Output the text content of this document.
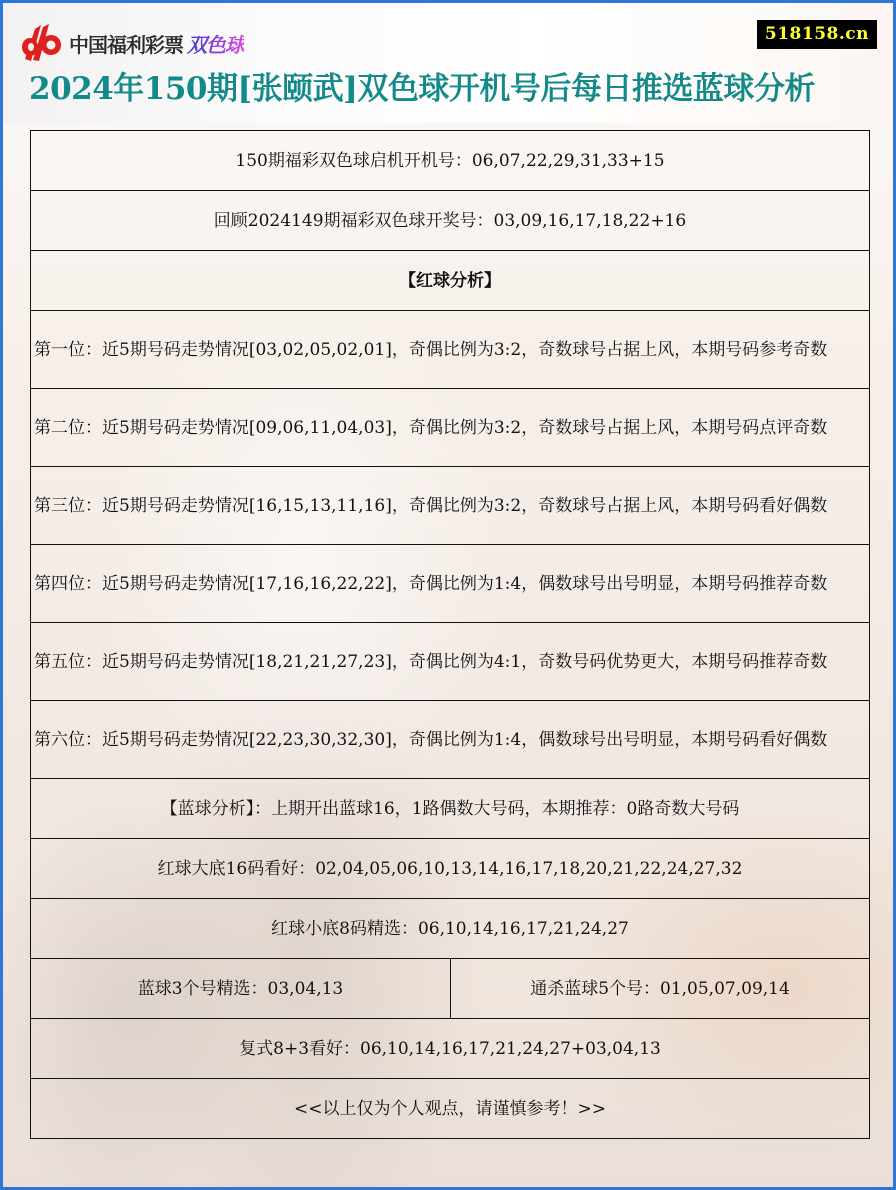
中国福利彩票 双色球	518158.cn
2024年150期[张颐武]双色球开机号后每日推选蓝球分析
150期福彩双色球启机开机号：06,07,22,29,31,33+15
回顾2024149期福彩双色球开奖号：03,09,16,17,18,22+16
【红球分析】
第一位：近5期号码走势情况[03,02,05,02,01]，奇偶比例为3:2，奇数球号占据上风，本期号码参考奇数
第二位：近5期号码走势情况[09,06,11,04,03]，奇偶比例为3:2，奇数球号占据上风，本期号码点评奇数
第三位：近5期号码走势情况[16,15,13,11,16]，奇偶比例为3:2，奇数球号占据上风，本期号码看好偶数
第四位：近5期号码走势情况[17,16,16,22,22]，奇偶比例为1:4，偶数球号出号明显，本期号码推荐奇数
第五位：近5期号码走势情况[18,21,21,27,23]，奇偶比例为4:1，奇数号码优势更大，本期号码推荐奇数
第六位：近5期号码走势情况[22,23,30,32,30]，奇偶比例为1:4，偶数球号出号明显，本期号码看好偶数
【蓝球分析】：上期开出蓝球16，1路偶数大号码，本期推荐：0路奇数大号码
红球大底16码看好：02,04,05,06,10,13,14,16,17,18,20,21,22,24,27,32
红球小底8码精选：06,10,14,16,17,21,24,27
蓝球3个号精选：03,04,13	通杀蓝球5个号：01,05,07,09,14
复式8+3看好：06,10,14,16,17,21,24,27+03,04,13
<<以上仅为个人观点，请谨慎参考！>>
